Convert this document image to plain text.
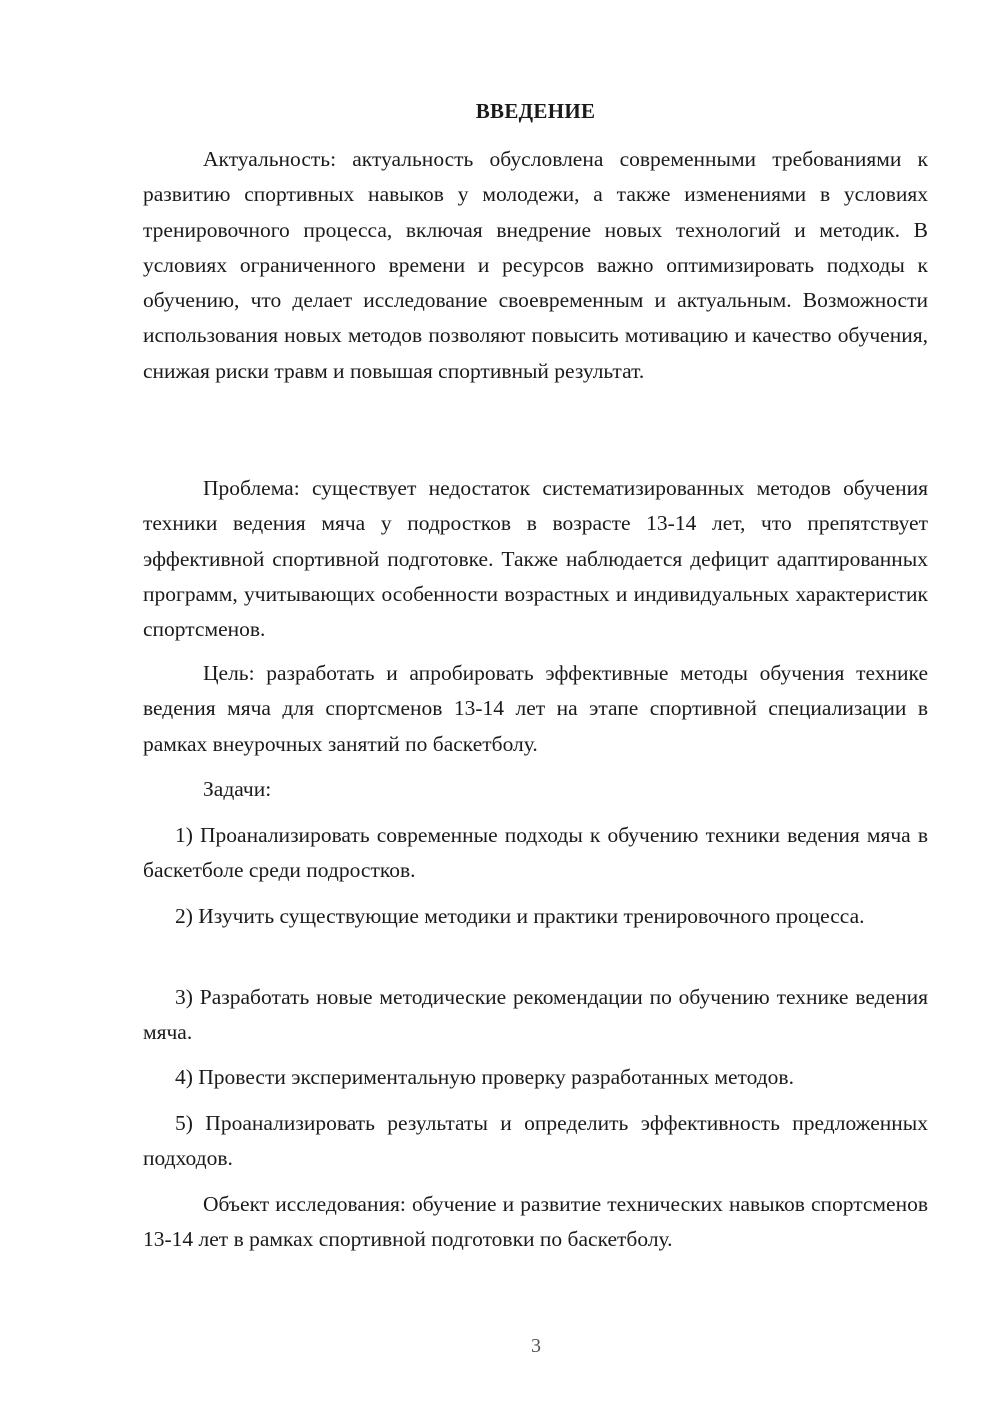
ВВЕДЕНИЕ

Актуальность: актуальность обусловлена современными требованиями к развитию спортивных навыков у молодежи, а также изменениями в условиях тренировочного процесса, включая внедрение новых технологий и методик. В условиях ограниченного времени и ресурсов важно оптимизировать подходы к обучению, что делает исследование своевременным и актуальным. Возможности использования новых методов позволяют повысить мотивацию и качество обучения, снижая риски травм и повышая спортивный результат.

Проблема: существует недостаток систематизированных методов обучения техники ведения мяча у подростков в возрасте 13-14 лет, что препятствует эффективной спортивной подготовке. Также наблюдается дефицит адаптированных программ, учитывающих особенности возрастных и индивидуальных характеристик спортсменов.

Цель: разработать и апробировать эффективные методы обучения технике ведения мяча для спортсменов 13-14 лет на этапе спортивной специализации в рамках внеурочных занятий по баскетболу.

Задачи:

1) Проанализировать современные подходы к обучению техники ведения мяча в баскетболе среди подростков.

2) Изучить существующие методики и практики тренировочного процесса.

3) Разработать новые методические рекомендации по обучению технике ведения мяча.

4) Провести экспериментальную проверку разработанных методов.

5) Проанализировать результаты и определить эффективность предложенных подходов.

Объект исследования: обучение и развитие технических навыков спортсменов 13-14 лет в рамках спортивной подготовки по баскетболу.

3
